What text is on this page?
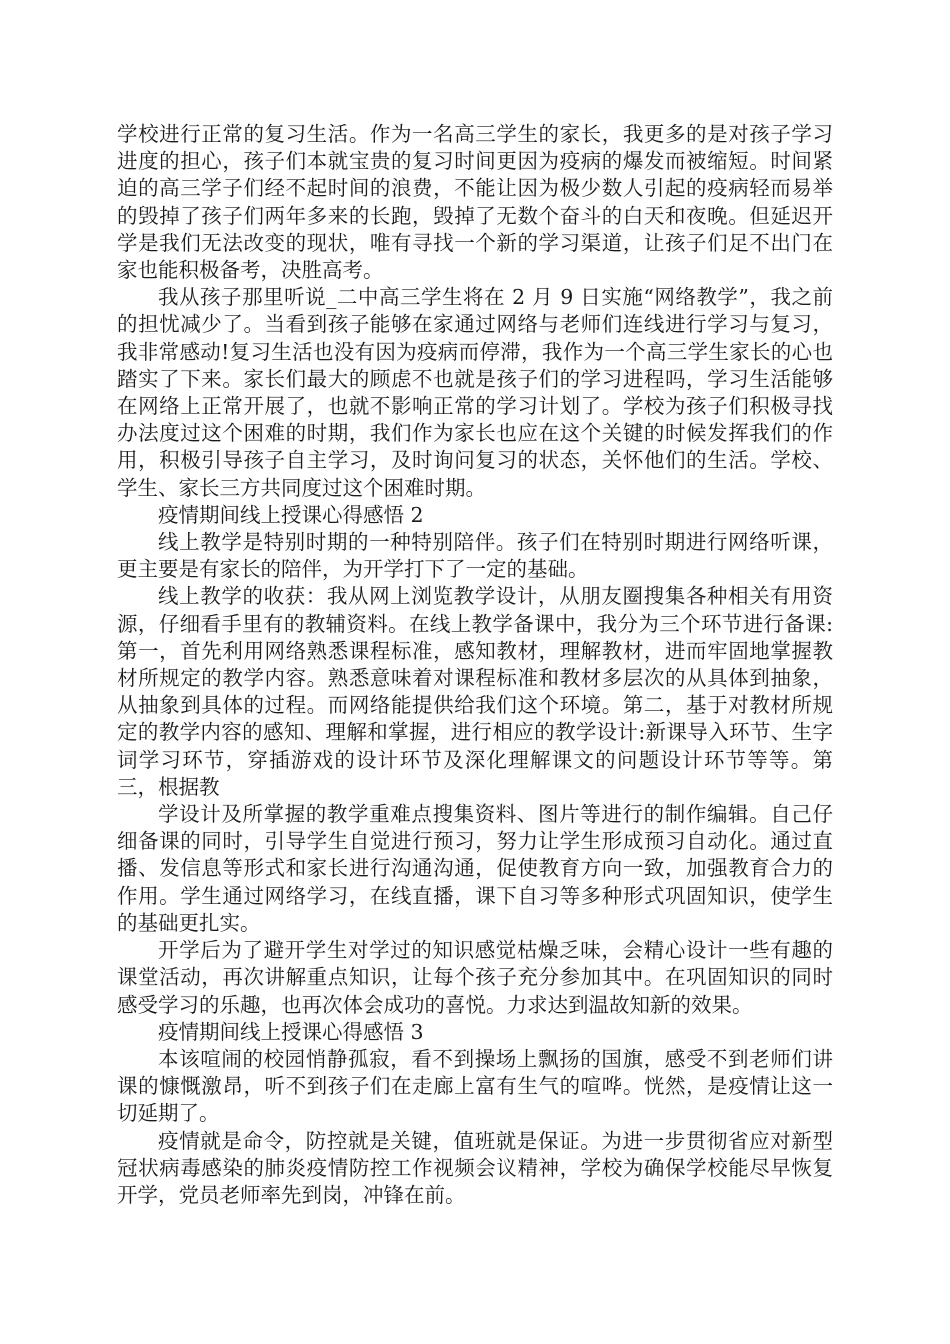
学校进行正常的复习生活。作为一名高三学生的家长，我更多的是对孩子学习进度的担心，孩子们本就宝贵的复习时间更因为疫病的爆发而被缩短。时间紧迫的高三学子们经不起时间的浪费，不能让因为极少数人引起的疫病轻而易举的毁掉了孩子们两年多来的长跑，毁掉了无数个奋斗的白天和夜晚。但延迟开学是我们无法改变的现状，唯有寻找一个新的学习渠道，让孩子们足不出门在家也能积极备考，决胜高考。

我从孩子那里听说_二中高三学生将在 2 月 9 日实施“网络教学”，我之前的担忧减少了。当看到孩子能够在家通过网络与老师们连线进行学习与复习，我非常感动!复习生活也没有因为疫病而停滞，我作为一个高三学生家长的心也踏实了下来。家长们最大的顾虑不也就是孩子们的学习进程吗，学习生活能够在网络上正常开展了，也就不影响正常的学习计划了。学校为孩子们积极寻找办法度过这个困难的时期，我们作为家长也应在这个关键的时候发挥我们的作用，积极引导孩子自主学习，及时询问复习的状态，关怀他们的生活。学校、学生、家长三方共同度过这个困难时期。

疫情期间线上授课心得感悟 2

线上教学是特别时期的一种特别陪伴。孩子们在特别时期进行网络听课，更主要是有家长的陪伴，为开学打下了一定的基础。

线上教学的收获：我从网上浏览教学设计，从朋友圈搜集各种相关有用资源，仔细看手里有的教辅资料。在线上教学备课中，我分为三个环节进行备课:第一，首先利用网络熟悉课程标准，感知教材，理解教材，进而牢固地掌握教材所规定的教学内容。熟悉意味着对课程标准和教材多层次的从具体到抽象，从抽象到具体的过程。而网络能提供给我们这个环境。第二，基于对教材所规定的教学内容的感知、理解和掌握，进行相应的教学设计:新课导入环节、生字词学习环节，穿插游戏的设计环节及深化理解课文的问题设计环节等等。第三，根据教

学设计及所掌握的教学重难点搜集资料、图片等进行的制作编辑。自己仔细备课的同时，引导学生自觉进行预习，努力让学生形成预习自动化。通过直播、发信息等形式和家长进行沟通沟通，促使教育方向一致，加强教育合力的作用。学生通过网络学习，在线直播，课下自习等多种形式巩固知识，使学生的基础更扎实。

开学后为了避开学生对学过的知识感觉枯燥乏味，会精心设计一些有趣的课堂活动，再次讲解重点知识，让每个孩子充分参加其中。在巩固知识的同时感受学习的乐趣，也再次体会成功的喜悦。力求达到温故知新的效果。

疫情期间线上授课心得感悟 3

本该喧闹的校园悄静孤寂，看不到操场上飘扬的国旗，感受不到老师们讲课的慷慨激昂，听不到孩子们在走廊上富有生气的喧哗。恍然，是疫情让这一切延期了。

疫情就是命令，防控就是关键，值班就是保证。为进一步贯彻省应对新型冠状病毒感染的肺炎疫情防控工作视频会议精神，学校为确保学校能尽早恢复开学，党员老师率先到岗，冲锋在前。
